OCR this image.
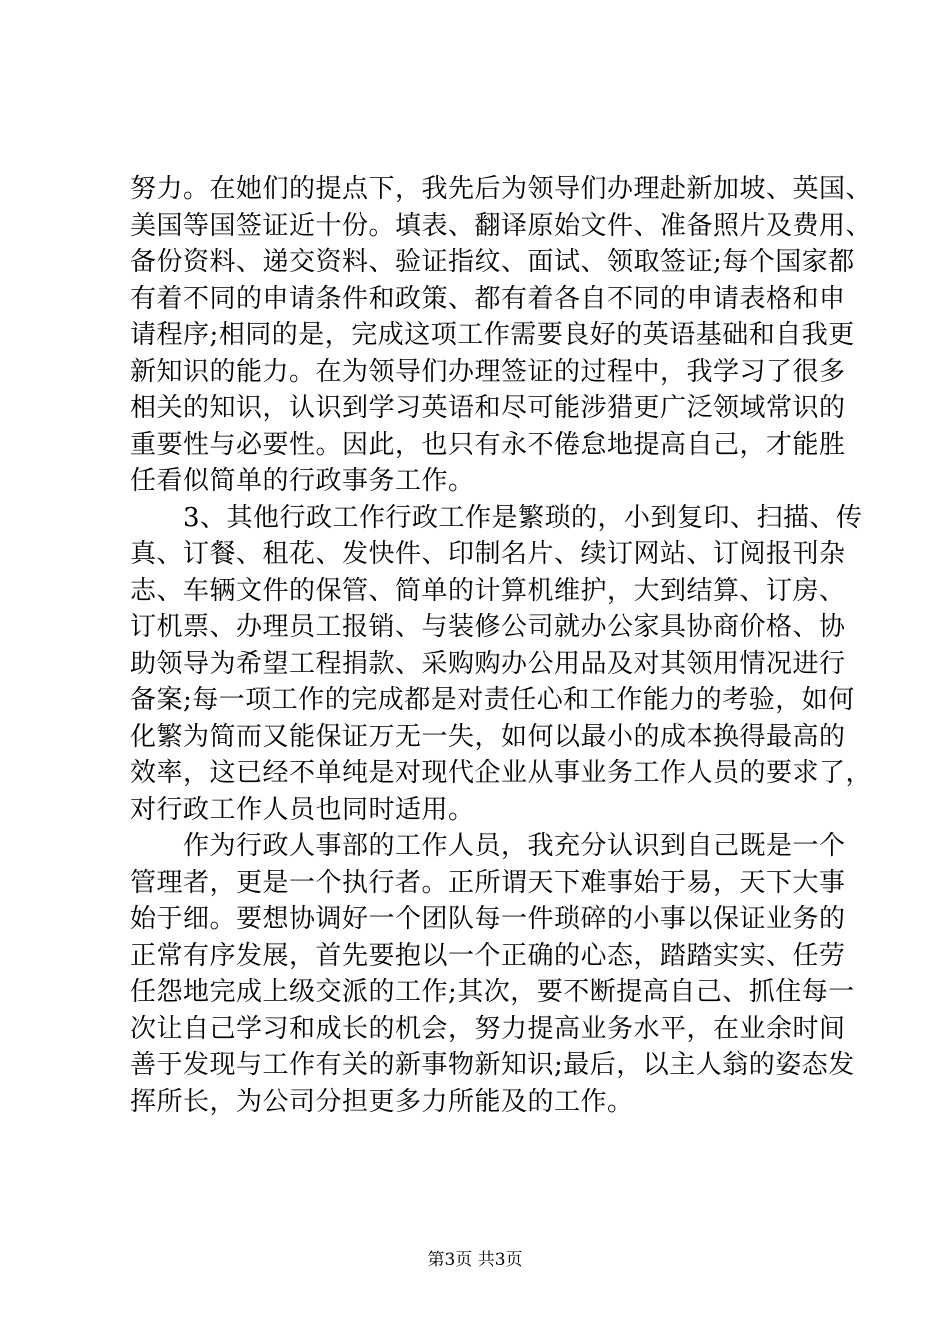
努力。在她们的提点下，我先后为领导们办理赴新加坡、英国、
美国等国签证近十份。填表、翻译原始文件、准备照片及费用、
备份资料、递交资料、验证指纹、面试、领取签证;每个国家都
有着不同的申请条件和政策、都有着各自不同的申请表格和申
请程序;相同的是，完成这项工作需要良好的英语基础和自我更
新知识的能力。在为领导们办理签证的过程中，我学习了很多
相关的知识，认识到学习英语和尽可能涉猎更广泛领域常识的
重要性与必要性。因此，也只有永不倦怠地提高自己，才能胜
任看似简单的行政事务工作。
　　3、其他行政工作行政工作是繁琐的，小到复印、扫描、传
真、订餐、租花、发快件、印制名片、续订网站、订阅报刊杂
志、车辆文件的保管、简单的计算机维护，大到结算、订房、
订机票、办理员工报销、与装修公司就办公家具协商价格、协
助领导为希望工程捐款、采购购办公用品及对其领用情况进行
备案;每一项工作的完成都是对责任心和工作能力的考验，如何
化繁为简而又能保证万无一失，如何以最小的成本换得最高的
效率，这已经不单纯是对现代企业从事业务工作人员的要求了，
对行政工作人员也同时适用。
　　作为行政人事部的工作人员，我充分认识到自己既是一个
管理者，更是一个执行者。正所谓天下难事始于易，天下大事
始于细。要想协调好一个团队每一件琐碎的小事以保证业务的
正常有序发展，首先要抱以一个正确的心态，踏踏实实、任劳
任怨地完成上级交派的工作;其次，要不断提高自己、抓住每一
次让自己学习和成长的机会，努力提高业务水平，在业余时间
善于发现与工作有关的新事物新知识;最后，以主人翁的姿态发
挥所长，为公司分担更多力所能及的工作。
第3页 共3页
